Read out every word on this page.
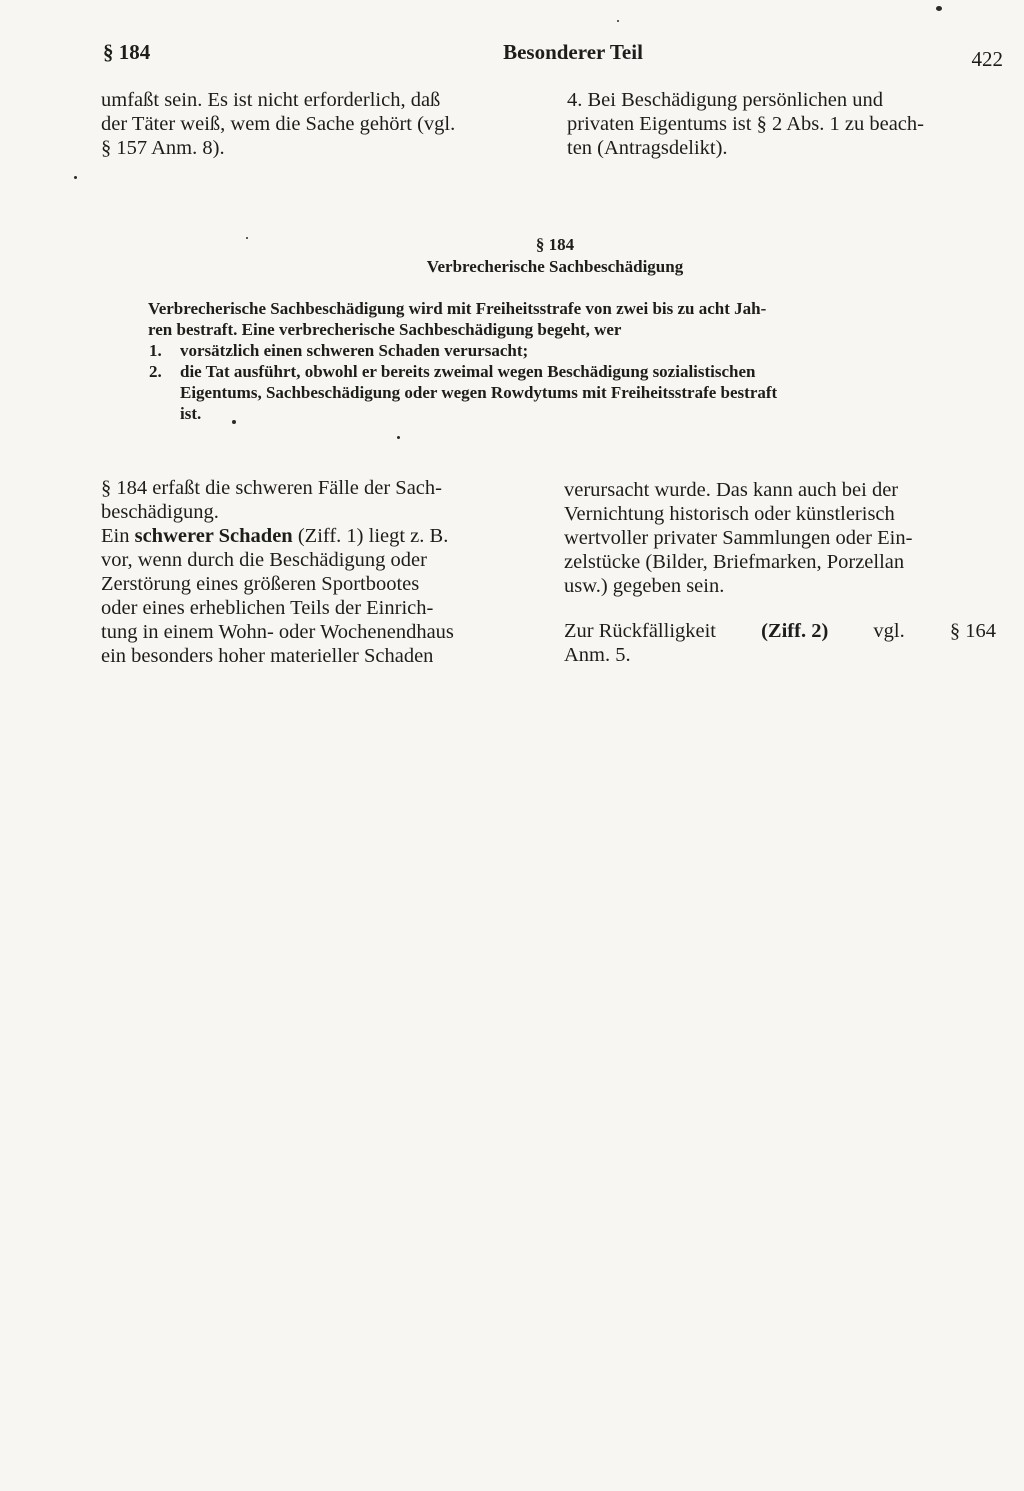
§ 184	Besonderer Teil	422

umfaßt sein. Es ist nicht erforderlich, daß

der Täter weiß, wem die Sache gehört (vgl.

§ 157 Anm. 8).

4. Bei Beschädigung persönlichen und

privaten Eigentums ist § 2 Abs. 1 zu beach-

ten (Antragsdelikt).

§ 184
Verbrecherische Sachbeschädigung

Verbrecherische Sachbeschädigung wird mit Freiheitsstrafe von zwei bis zu acht Jah-

ren bestraft. Eine verbrecherische Sachbeschädigung begeht, wer

1. vorsätzlich einen schweren Schaden verursacht;

2. die Tat ausführt, obwohl er bereits zweimal wegen Beschädigung sozialistischen

Eigentums, Sachbeschädigung oder wegen Rowdytums mit Freiheitsstrafe bestraft

ist.

§ 184 erfaßt die schweren Fälle der Sach-

beschädigung.

Ein schwerer Schaden (Ziff. 1) liegt z. B.

vor, wenn durch die Beschädigung oder

Zerstörung eines größeren Sportbootes

oder eines erheblichen Teils der Einrich-

tung in einem Wohn- oder Wochenendhaus

ein besonders hoher materieller Schaden

verursacht wurde. Das kann auch bei der

Vernichtung historisch oder künstlerisch

wertvoller privater Sammlungen oder Ein-

zelstücke (Bilder, Briefmarken, Porzellan

usw.) gegeben sein.

Zur Rückfälligkeit (Ziff. 2) vgl. § 164

Anm. 5.
